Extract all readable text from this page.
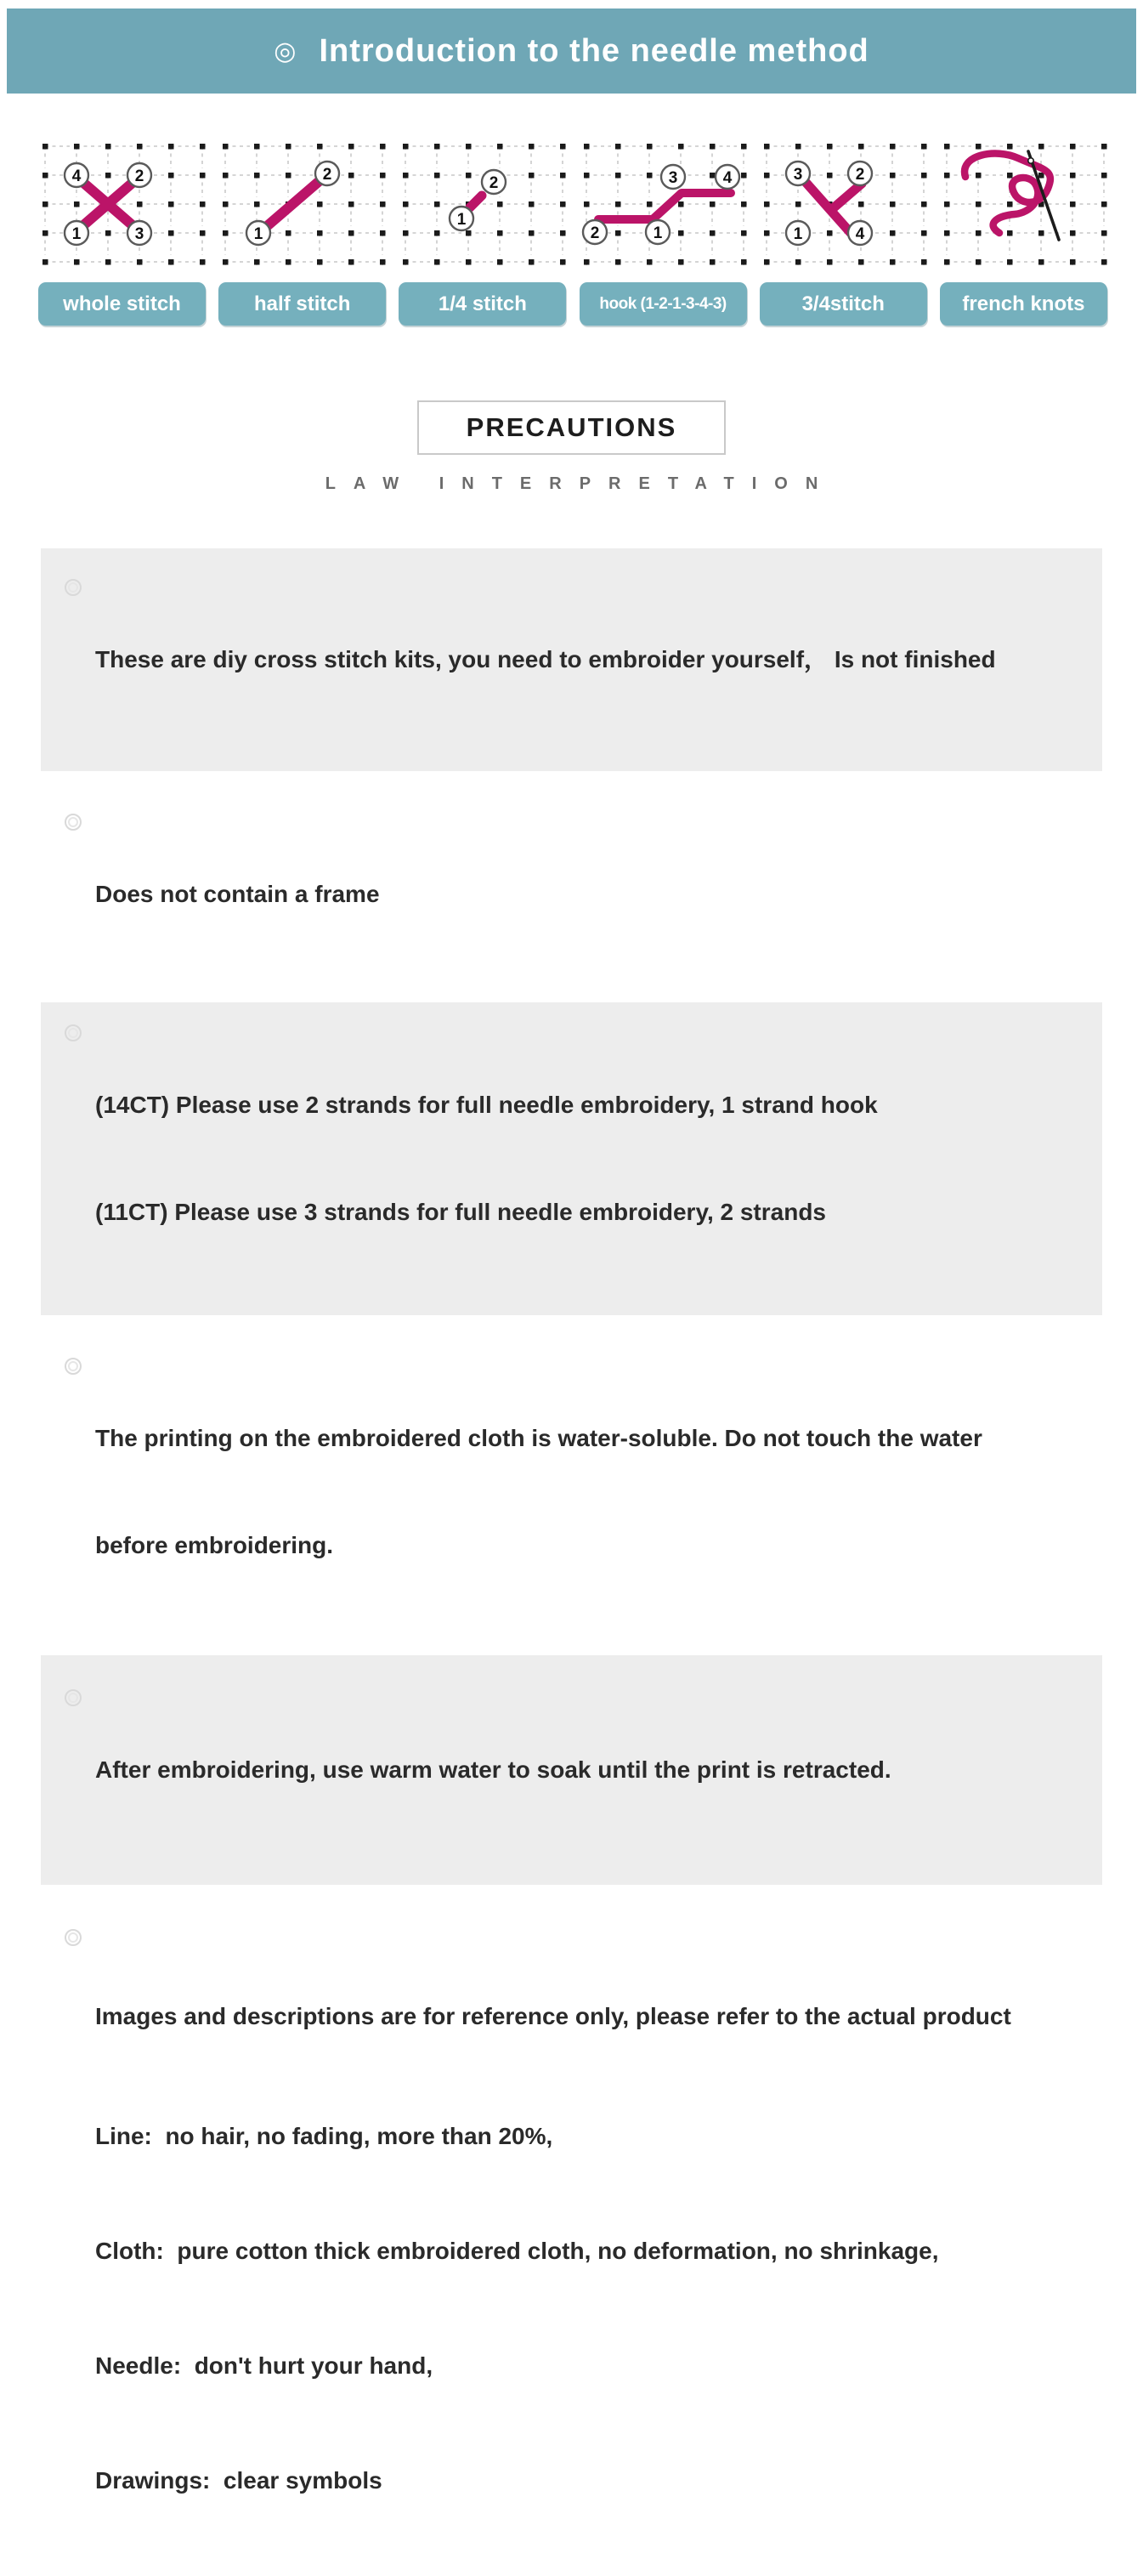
◎ Introduction to the needle method
4	2
1	3
whole stitch
1
2
half stitch
2
1
1/4 stitch
2	1
3	4
hook (1-2-1-3-4-3)
3	2
1	4
3/4stitch	french knots
PRECAUTIONS
LAW INTERPRETATION

These are diy cross stitch kits, you need to embroider yourself， Is not finished

Does not contain a frame

(14CT) Please use 2 strands for full needle embroidery, 1 strand hook

(11CT) Please use 3 strands for full needle embroidery, 2 strands

The printing on the embroidered cloth is water-soluble. Do not touch the water

before embroidering.

After embroidering, use warm water to soak until the print is retracted.

Images and descriptions are for reference only, please refer to the actual product

Line:  no hair, no fading, more than 20%,

Cloth:  pure cotton thick embroidered cloth, no deformation, no shrinkage,

Needle:  don't hurt your hand,

Drawings:  clear symbols
